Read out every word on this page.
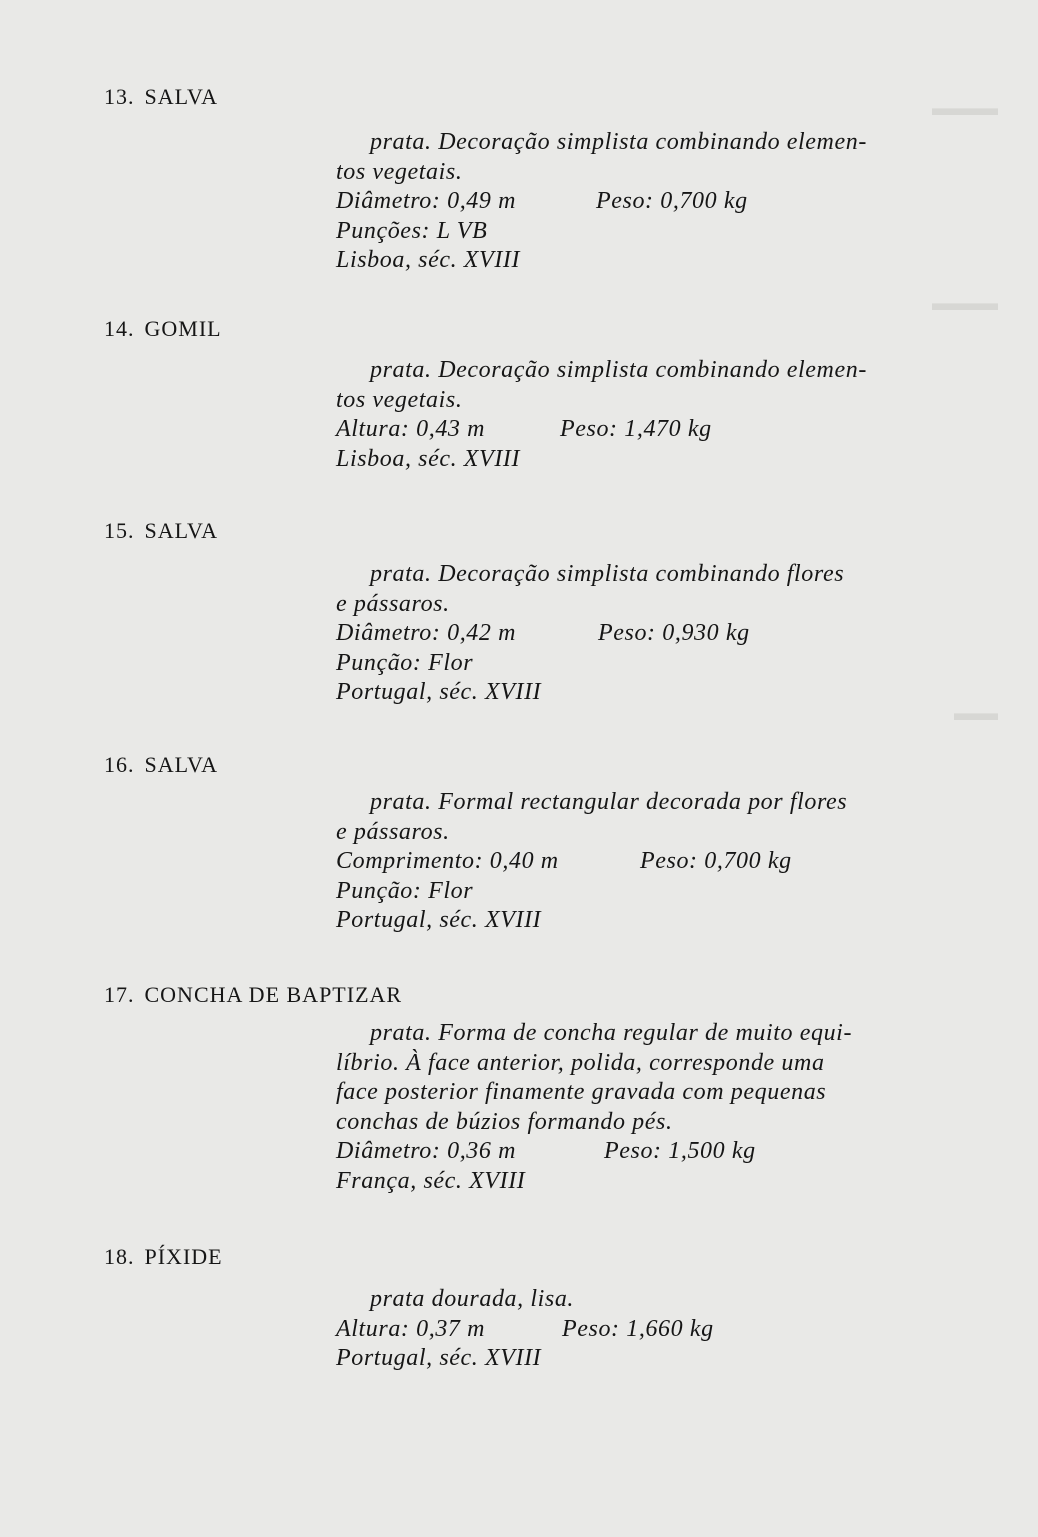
▬▬▬
▬▬▬
▬▬
13. SALVA
prata. Decoração simplista combinando elemen-
tos vegetais.
Diâmetro: 0,49 m	Peso: 0,700 kg
Punções: L VB
Lisboa, séc. XVIII
14. GOMIL
prata. Decoração simplista combinando elemen-
tos vegetais.
Altura: 0,43 m	Peso: 1,470 kg
Lisboa, séc. XVIII
15. SALVA
prata. Decoração simplista combinando flores
e pássaros.
Diâmetro: 0,42 m	Peso: 0,930 kg
Punção: Flor
Portugal, séc. XVIII
16. SALVA
prata. Formal rectangular decorada por flores
e pássaros.
Comprimento: 0,40 m	Peso: 0,700 kg
Punção: Flor
Portugal, séc. XVIII
17. CONCHA DE BAPTIZAR
prata. Forma de concha regular de muito equi-
líbrio. À face anterior, polida, corresponde uma
face posterior finamente gravada com pequenas
conchas de búzios formando pés.
Diâmetro: 0,36 m	Peso: 1,500 kg
França, séc. XVIII
18. PÍXIDE
prata dourada, lisa.
Altura: 0,37 m	Peso: 1,660 kg
Portugal, séc. XVIII
